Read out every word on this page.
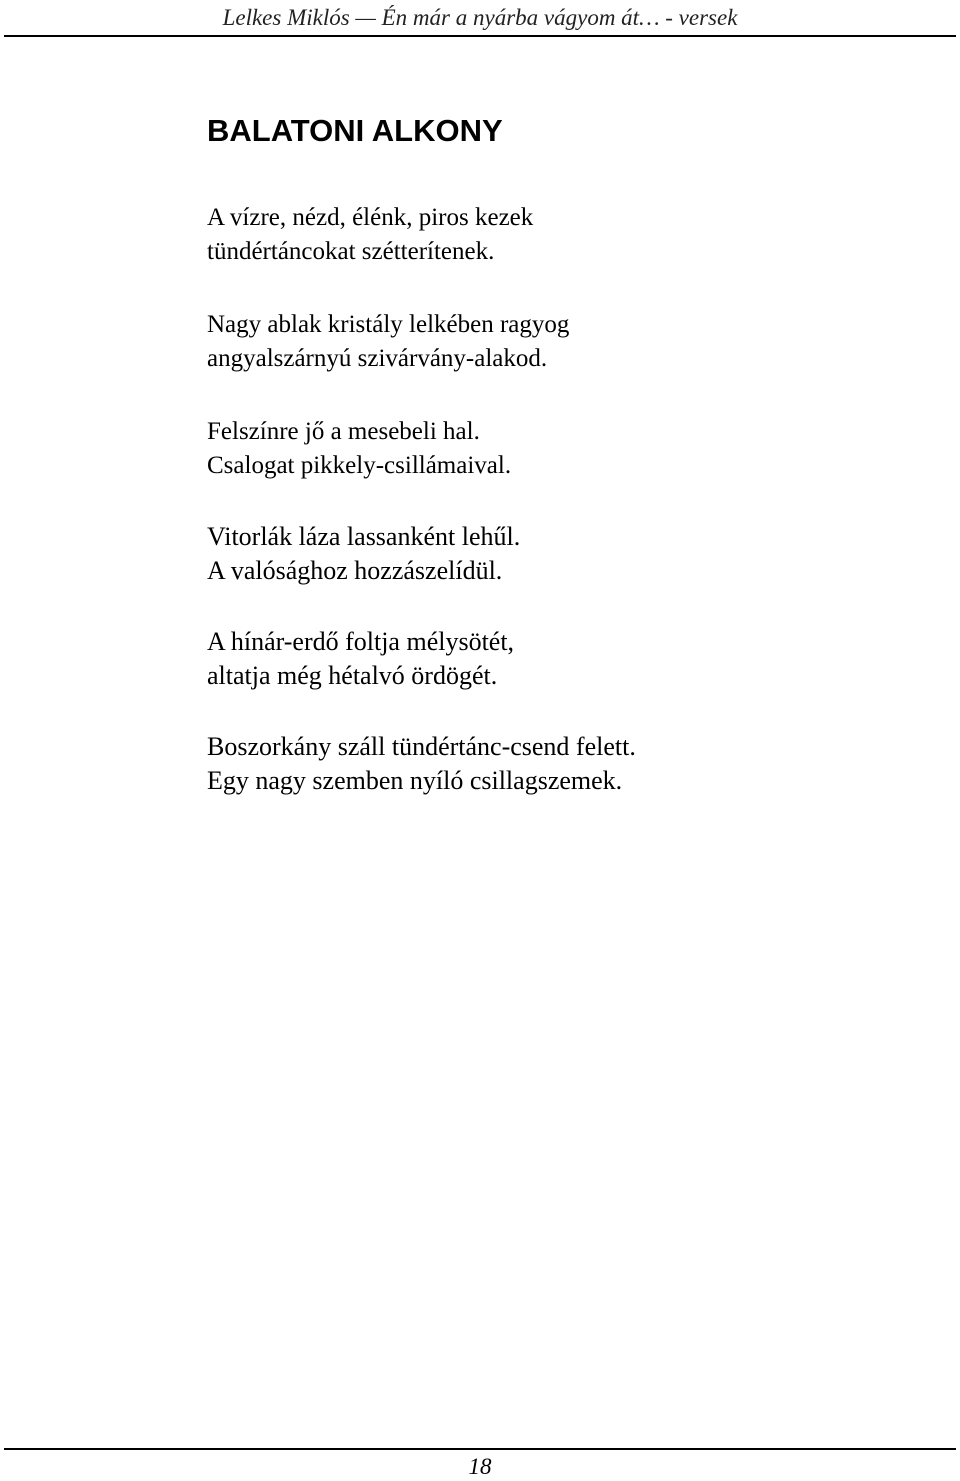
Lelkes Miklós — Én már a nyárba vágyom át… - versek
BALATONI ALKONY
A vízre, nézd, élénk, piros kezek
tündértáncokat szétterítenek.
Nagy ablak kristály lelkében ragyog
angyalszárnyú szivárvány-alakod.
Felszínre jő a mesebeli hal.
Csalogat pikkely-csillámaival.
Vitorlák láza lassanként lehűl.
A valósághoz hozzászelídül.
A hínár-erdő foltja mélysötét,
altatja még hétalvó ördögét.
Boszorkány száll tündértánc-csend felett.
Egy nagy szemben nyíló csillagszemek.
18
